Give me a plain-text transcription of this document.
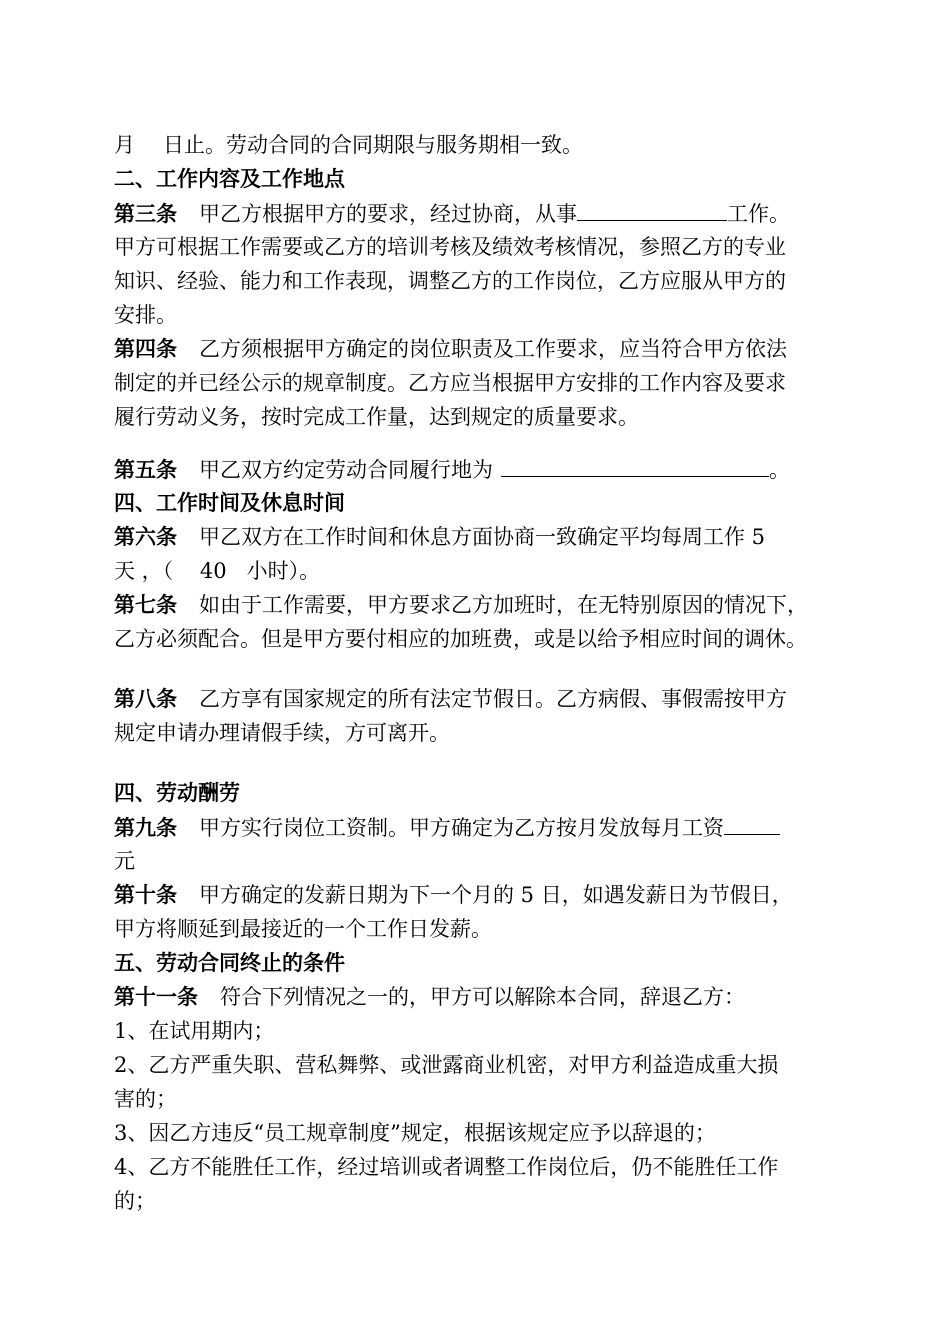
月 日止。劳动合同的合同期限与服务期相一致。

二、工作内容及工作地点

第三条 甲乙方根据甲方的要求，经过协商，从事	工作。

甲方可根据工作需要或乙方的培训考核及绩效考核情况，参照乙方的专业

知识、经验、能力和工作表现，调整乙方的工作岗位，乙方应服从甲方的

安排。

第四条 乙方须根据甲方确定的岗位职责及工作要求，应当符合甲方依法

制定的并已经公示的规章制度。乙方应当根据甲方安排的工作内容及要求

履行劳动义务，按时完成工作量，达到规定的质量要求。

第五条 甲乙双方约定劳动合同履行地为	。

四、工作时间及休息时间

第六条 甲乙双方在工作时间和休息方面协商一致确定平均每周工作 5

天 ，（    40   小时）。

第七条 如由于工作需要，甲方要求乙方加班时，在无特别原因的情况下，

乙方必须配合。但是甲方要付相应的加班费，或是以给予相应时间的调休。

第八条 乙方享有国家规定的所有法定节假日。乙方病假、事假需按甲方

规定申请办理请假手续，方可离开。

四、劳动酬劳

第九条 甲方实行岗位工资制。甲方确定为乙方按月发放每月工资

元

第十条 甲方确定的发薪日期为下一个月的 5 日，如遇发薪日为节假日，

甲方将顺延到最接近的一个工作日发薪。

五、劳动合同终止的条件

第十一条 符合下列情况之一的，甲方可以解除本合同，辞退乙方：

1、在试用期内；

2、乙方严重失职、营私舞弊、或泄露商业机密，对甲方利益造成重大损

害的；

3、因乙方违反“员工规章制度”规定，根据该规定应予以辞退的；

4、乙方不能胜任工作，经过培训或者调整工作岗位后，仍不能胜任工作

的；
